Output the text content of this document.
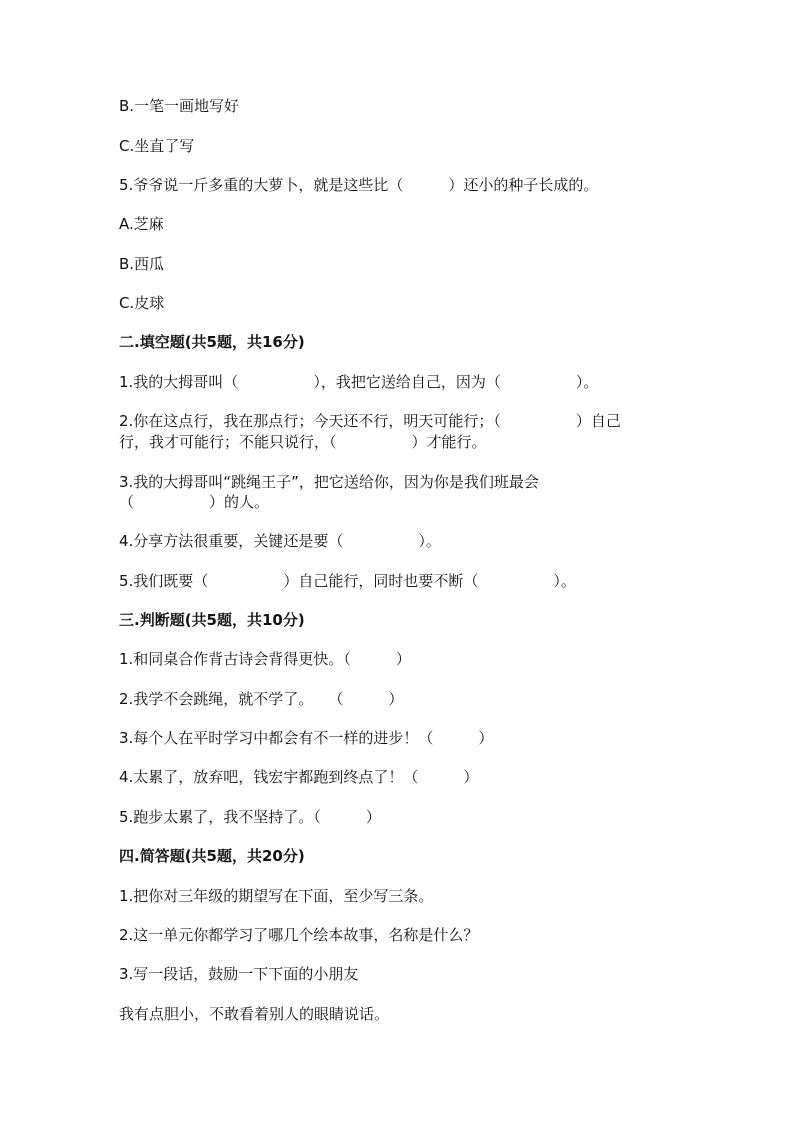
B.一笔一画地写好

C.坐直了写

5.爷爷说一斤多重的大萝卜，就是这些比（　　　）还小的种子长成的。

A.芝麻

B.西瓜

C.皮球

二.填空题(共5题，共16分)

1.我的大拇哥叫（　　　　　），我把它送给自己，因为（　　　　　）。

2.你在这点行，我在那点行；今天还不行，明天可能行；（　　　　　）自己

行，我才可能行；不能只说行，（　　　　　）才能行。

3.我的大拇哥叫“跳绳王子”，把它送给你，因为你是我们班最会

（　　　　　）的人。

4.分享方法很重要，关键还是要（　　　　　）。

5.我们既要（　　　　　）自己能行，同时也要不断（　　　　　）。

三.判断题(共5题，共10分)

1.和同桌合作背古诗会背得更快。（　　　）

2.我学不会跳绳，就不学了。　　（　　　）

3.每个人在平时学习中都会有不一样的进步！（　　　）

4.太累了，放弃吧，钱宏宇都跑到终点了！（　　　）

5.跑步太累了，我不坚持了。（　　　）

四.简答题(共5题，共20分)

1.把你对三年级的期望写在下面，至少写三条。

2.这一单元你都学习了哪几个绘本故事，名称是什么？

3.写一段话，鼓励一下下面的小朋友

我有点胆小，不敢看着别人的眼睛说话。
